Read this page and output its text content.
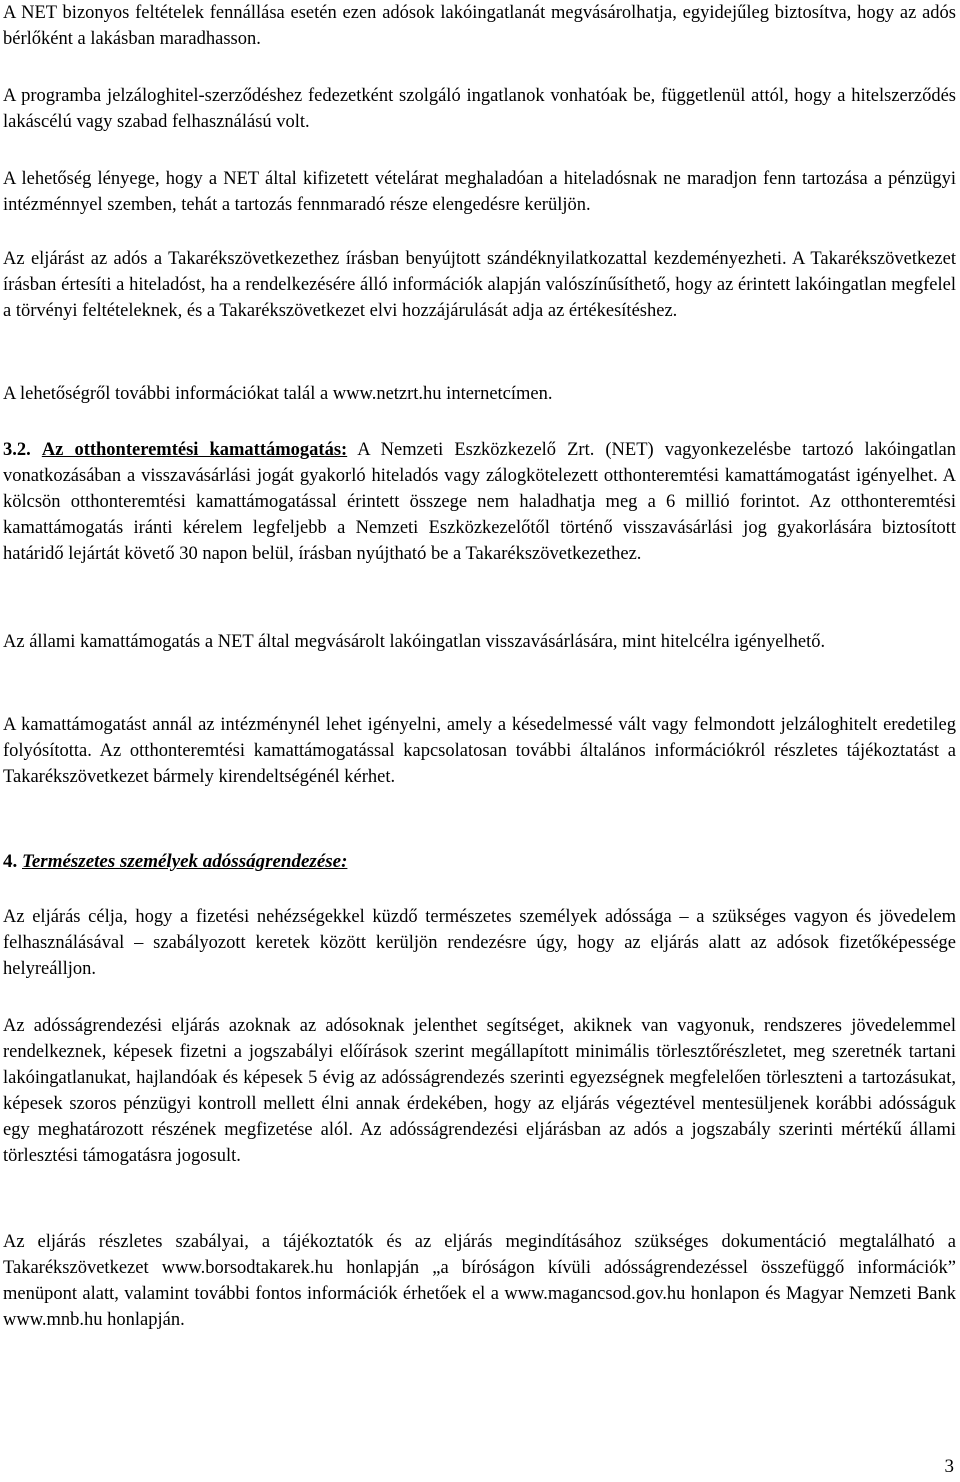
A NET bizonyos feltételek fennállása esetén ezen adósok lakóingatlanát megvásárolhatja, egyidejűleg biztosítva, hogy az adós bérlőként a lakásban maradhasson.

A programba jelzáloghitel-szerződéshez fedezetként szolgáló ingatlanok vonhatóak be, függetlenül attól, hogy a hitelszerződés lakáscélú vagy szabad felhasználású volt.

A lehetőség lényege, hogy a NET által kifizetett vételárat meghaladóan a hiteladósnak ne maradjon fenn tartozása a pénzügyi intézménnyel szemben, tehát a tartozás fennmaradó része elengedésre kerüljön.

Az eljárást az adós a Takarékszövetkezethez írásban benyújtott szándéknyilatkozattal kezdeményezheti. A Takarékszövetkezet írásban értesíti a hiteladóst, ha a rendelkezésére álló információk alapján valószínűsíthető, hogy az érintett lakóingatlan megfelel a törvényi feltételeknek, és a Takarékszövetkezet elvi hozzájárulását adja az értékesítéshez.

A lehetőségről további információkat talál a www.netzrt.hu internetcímen.

3.2. Az otthonteremtési kamattámogatás: A Nemzeti Eszközkezelő Zrt. (NET) vagyonkezelésbe tartozó lakóingatlan vonatkozásában a visszavásárlási jogát gyakorló hiteladós vagy zálogkötelezett otthonteremtési kamattámogatást igényelhet. A kölcsön otthonteremtési kamattámogatással érintett összege nem haladhatja meg a 6 millió forintot. Az otthonteremtési kamattámogatás iránti kérelem legfeljebb a Nemzeti Eszközkezelőtől történő visszavásárlási jog gyakorlására biztosított határidő lejártát követő 30 napon belül, írásban nyújtható be a Takarékszövetkezethez.

Az állami kamattámogatás a NET által megvásárolt lakóingatlan visszavásárlására, mint hitelcélra igényelhető.

A kamattámogatást annál az intézménynél lehet igényelni, amely a késedelmessé vált vagy felmondott jelzáloghitelt eredetileg folyósította. Az otthonteremtési kamattámogatással kapcsolatosan további általános információkról részletes tájékoztatást a Takarékszövetkezet bármely kirendeltségénél kérhet.

4. Természetes személyek adósságrendezése:

Az eljárás célja, hogy a fizetési nehézségekkel küzdő természetes személyek adóssága – a szükséges vagyon és jövedelem felhasználásával – szabályozott keretek között kerüljön rendezésre úgy, hogy az eljárás alatt az adósok fizetőképessége helyreálljon.

Az adósságrendezési eljárás azoknak az adósoknak jelenthet segítséget, akiknek van vagyonuk, rendszeres jövedelemmel rendelkeznek, képesek fizetni a jogszabályi előírások szerint megállapított minimális törlesztőrészletet, meg szeretnék tartani lakóingatlanukat, hajlandóak és képesek 5 évig az adósságrendezés szerinti egyezségnek megfelelően törleszteni a tartozásukat, képesek szoros pénzügyi kontroll mellett élni annak érdekében, hogy az eljárás végeztével mentesüljenek korábbi adósságuk egy meghatározott részének megfizetése alól. Az adósságrendezési eljárásban az adós a jogszabály szerinti mértékű állami törlesztési támogatásra jogosult.

Az eljárás részletes szabályai, a tájékoztatók és az eljárás megindításához szükséges dokumentáció megtalálható a Takarékszövetkezet www.borsodtakarek.hu honlapján „a bíróságon kívüli adósságrendezéssel összefüggő információk” menüpont alatt, valamint további fontos információk érhetőek el a www.magancsod.gov.hu honlapon és Magyar Nemzeti Bank www.mnb.hu honlapján.

3
